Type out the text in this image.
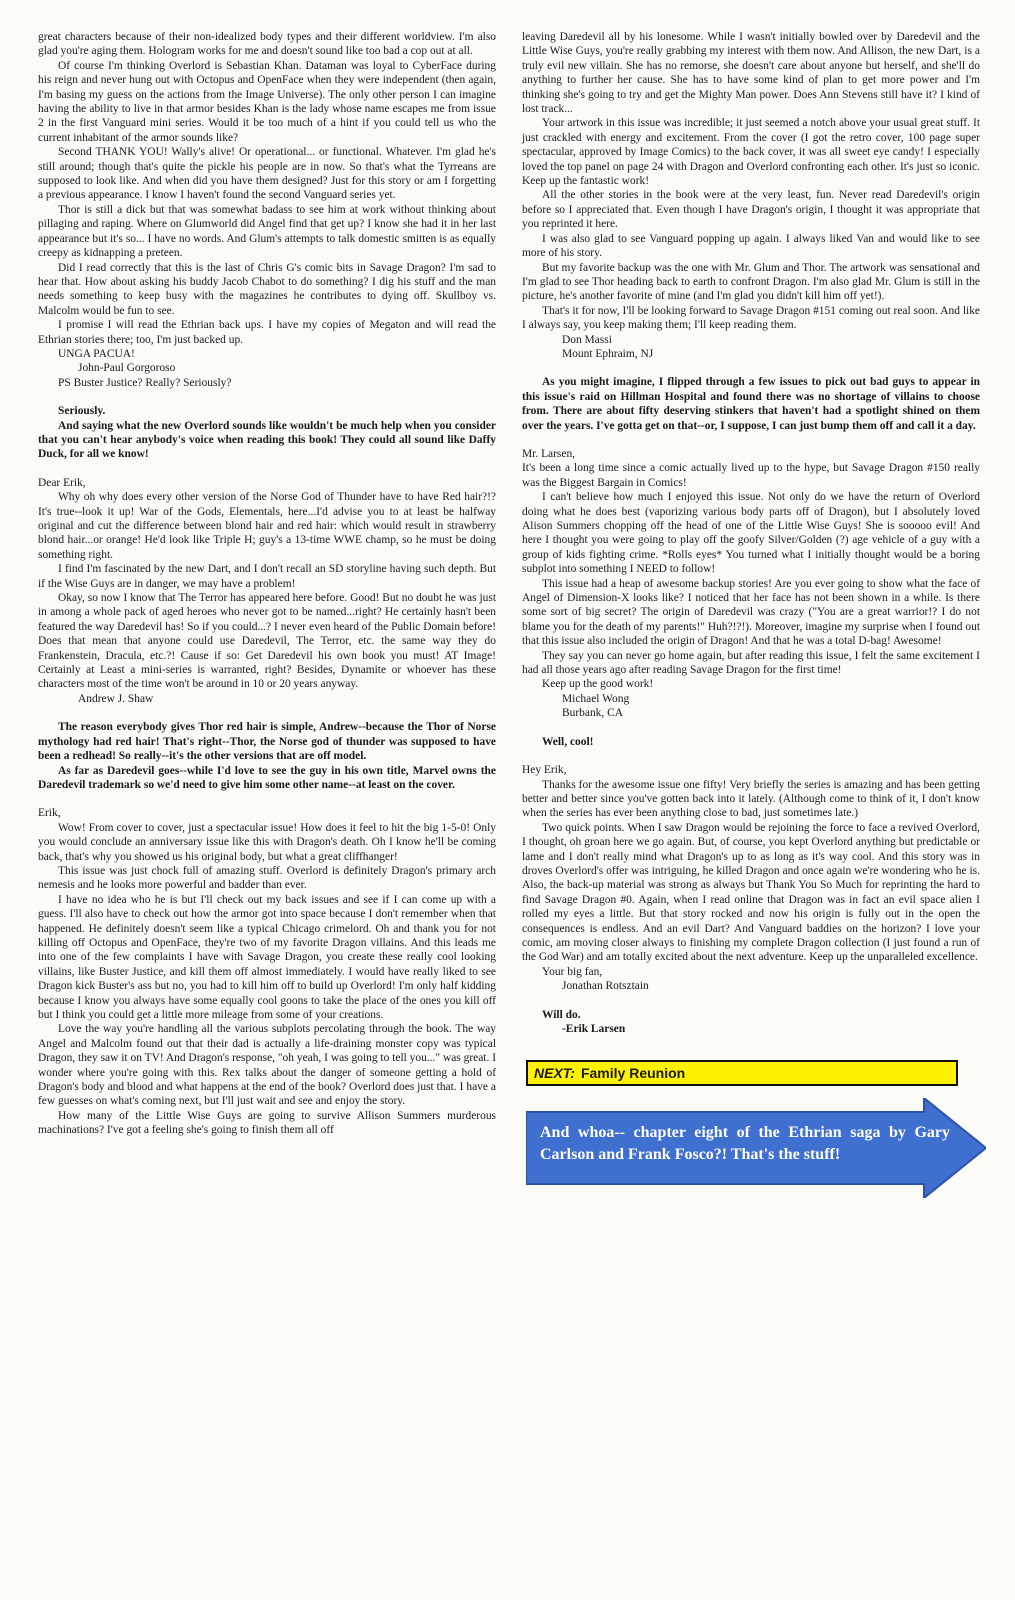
great characters because of their non-idealized body types and their different worldview. I'm also glad you're aging them. Hologram works for me and doesn't sound like too bad a cop out at all.

Of course I'm thinking Overlord is Sebastian Khan. Dataman was loyal to CyberFace during his reign and never hung out with Octopus and OpenFace when they were independent (then again, I'm basing my guess on the actions from the Image Universe). The only other person I can imagine having the ability to live in that armor besides Khan is the lady whose name escapes me from issue 2 in the first Vanguard mini series. Would it be too much of a hint if you could tell us who the current inhabitant of the armor sounds like?

Second THANK YOU! Wally's alive! Or operational... or functional. Whatever. I'm glad he's still around; though that's quite the pickle his people are in now. So that's what the Tyrreans are supposed to look like. And when did you have them designed? Just for this story or am I forgetting a previous appearance. I know I haven't found the second Vanguard series yet.

Thor is still a dick but that was somewhat badass to see him at work without thinking about pillaging and raping. Where on Glumworld did Angel find that get up? I know she had it in her last appearance but it's so... I have no words. And Glum's attempts to talk domestic smitten is as equally creepy as kidnapping a preteen.

Did I read correctly that this is the last of Chris G's comic bits in Savage Dragon? I'm sad to hear that. How about asking his buddy Jacob Chabot to do something? I dig his stuff and the man needs something to keep busy with the magazines he contributes to dying off. Skullboy vs. Malcolm would be fun to see.

I promise I will read the Ethrian back ups. I have my copies of Megaton and will read the Ethrian stories there; too, I'm just backed up.

UNGA PACUA!

John-Paul Gorgoroso

PS Buster Justice? Really? Seriously?

Seriously.

And saying what the new Overlord sounds like wouldn't be much help when you consider that you can't hear anybody's voice when reading this book! They could all sound like Daffy Duck, for all we know!

Dear Erik,

Why oh why does every other version of the Norse God of Thunder have to have Red hair?!? It's true--look it up! War of the Gods, Elementals, here...I'd advise you to at least be halfway original and cut the difference between blond hair and red hair: which would result in strawberry blond hair...or orange! He'd look like Triple H; guy's a 13-time WWE champ, so he must be doing something right.

I find I'm fascinated by the new Dart, and I don't recall an SD storyline having such depth. But if the Wise Guys are in danger, we may have a problem!

Okay, so now I know that The Terror has appeared here before. Good! But no doubt he was just in among a whole pack of aged heroes who never got to be named...right? He certainly hasn't been featured the way Daredevil has! So if you could...? I never even heard of the Public Domain before! Does that mean that anyone could use Daredevil, The Terror, etc. the same way they do Frankenstein, Dracula, etc.?! Cause if so: Get Daredevil his own book you must! AT Image! Certainly at Least a mini-series is warranted, right? Besides, Dynamite or whoever has these characters most of the time won't be around in 10 or 20 years anyway.

Andrew J. Shaw

The reason everybody gives Thor red hair is simple, Andrew--because the Thor of Norse mythology had red hair! That's right--Thor, the Norse god of thunder was supposed to have been a redhead! So really--it's the other versions that are off model.

As far as Daredevil goes--while I'd love to see the guy in his own title, Marvel owns the Daredevil trademark so we'd need to give him some other name--at least on the cover.

Erik,

Wow! From cover to cover, just a spectacular issue! How does it feel to hit the big 1-5-0! Only you would conclude an anniversary issue like this with Dragon's death. Oh I know he'll be coming back, that's why you showed us his original body, but what a great cliffhanger!

This issue was just chock full of amazing stuff. Overlord is definitely Dragon's primary arch nemesis and he looks more powerful and badder than ever.

I have no idea who he is but I'll check out my back issues and see if I can come up with a guess. I'll also have to check out how the armor got into space because I don't remember when that happened. He definitely doesn't seem like a typical Chicago crimelord. Oh and thank you for not killing off Octopus and OpenFace, they're two of my favorite Dragon villains. And this leads me into one of the few complaints I have with Savage Dragon, you create these really cool looking villains, like Buster Justice, and kill them off almost immediately. I would have really liked to see Dragon kick Buster's ass but no, you had to kill him off to build up Overlord! I'm only half kidding because I know you always have some equally cool goons to take the place of the ones you kill off but I think you could get a little more mileage from some of your creations.

Love the way you're handling all the various subplots percolating through the book. The way Angel and Malcolm found out that their dad is actually a life-draining monster copy was typical Dragon, they saw it on TV! And Dragon's response, "oh yeah, I was going to tell you..." was great. I wonder where you're going with this. Rex talks about the danger of someone getting a hold of Dragon's body and blood and what happens at the end of the book? Overlord does just that. I have a few guesses on what's coming next, but I'll just wait and see and enjoy the story.

How many of the Little Wise Guys are going to survive Allison Summers murderous machinations? I've got a feeling she's going to finish them all off

leaving Daredevil all by his lonesome. While I wasn't initially bowled over by Daredevil and the Little Wise Guys, you're really grabbing my interest with them now. And Allison, the new Dart, is a truly evil new villain. She has no remorse, she doesn't care about anyone but herself, and she'll do anything to further her cause. She has to have some kind of plan to get more power and I'm thinking she's going to try and get the Mighty Man power. Does Ann Stevens still have it? I kind of lost track...

Your artwork in this issue was incredible; it just seemed a notch above your usual great stuff. It just crackled with energy and excitement. From the cover (I got the retro cover, 100 page super spectacular, approved by Image Comics) to the back cover, it was all sweet eye candy! I especially loved the top panel on page 24 with Dragon and Overlord confronting each other. It's just so iconic. Keep up the fantastic work!

All the other stories in the book were at the very least, fun. Never read Daredevil's origin before so I appreciated that. Even though I have Dragon's origin, I thought it was appropriate that you reprinted it here.

I was also glad to see Vanguard popping up again. I always liked Van and would like to see more of his story.

But my favorite backup was the one with Mr. Glum and Thor. The artwork was sensational and I'm glad to see Thor heading back to earth to confront Dragon. I'm also glad Mr. Glum is still in the picture, he's another favorite of mine (and I'm glad you didn't kill him off yet!).

That's it for now, I'll be looking forward to Savage Dragon #151 coming out real soon. And like I always say, you keep making them; I'll keep reading them.

Don Massi

Mount Ephraim, NJ

As you might imagine, I flipped through a few issues to pick out bad guys to appear in this issue's raid on Hillman Hospital and found there was no shortage of villains to choose from. There are about fifty deserving stinkers that haven't had a spotlight shined on them over the years. I've gotta get on that--or, I suppose, I can just bump them off and call it a day.

Mr. Larsen,

It's been a long time since a comic actually lived up to the hype, but Savage Dragon #150 really was the Biggest Bargain in Comics!

I can't believe how much I enjoyed this issue. Not only do we have the return of Overlord doing what he does best (vaporizing various body parts off of Dragon), but I absolutely loved Alison Summers chopping off the head of one of the Little Wise Guys! She is sooooo evil! And here I thought you were going to play off the goofy Silver/Golden (?) age vehicle of a guy with a group of kids fighting crime. *Rolls eyes* You turned what I initially thought would be a boring subplot into something I NEED to follow!

This issue had a heap of awesome backup stories! Are you ever going to show what the face of Angel of Dimension-X looks like? I noticed that her face has not been shown in a while. Is there some sort of big secret? The origin of Daredevil was crazy ("You are a great warrior!? I do not blame you for the death of my parents!" Huh?!?!). Moreover, imagine my surprise when I found out that this issue also included the origin of Dragon! And that he was a total D-bag! Awesome!

They say you can never go home again, but after reading this issue, I felt the same excitement I had all those years ago after reading Savage Dragon for the first time!

Keep up the good work!

Michael Wong

Burbank, CA

Well, cool!

Hey Erik,

Thanks for the awesome issue one fifty! Very briefly the series is amazing and has been getting better and better since you've gotten back into it lately. (Although come to think of it, I don't know when the series has ever been anything close to bad, just sometimes late.)

Two quick points. When I saw Dragon would be rejoining the force to face a revived Overlord, I thought, oh groan here we go again. But, of course, you kept Overlord anything but predictable or lame and I don't really mind what Dragon's up to as long as it's way cool. And this story was in droves Overlord's offer was intriguing, he killed Dragon and once again we're wondering who he is. Also, the back-up material was strong as always but Thank You So Much for reprinting the hard to find Savage Dragon #0. Again, when I read online that Dragon was in fact an evil space alien I rolled my eyes a little. But that story rocked and now his origin is fully out in the open the consequences is endless. And an evil Dart? And Vanguard baddies on the horizon? I love your comic, am moving closer always to finishing my complete Dragon collection (I just found a run of the God War) and am totally excited about the next adventure. Keep up the unparalleled excellence.

Your big fan,

Jonathan Rotsztain

Will do.

-Erik Larsen

NEXT: Family Reunion
And whoa-- chapter eight of the Ethrian saga by Gary Carlson and Frank Fosco?! That's the stuff!
